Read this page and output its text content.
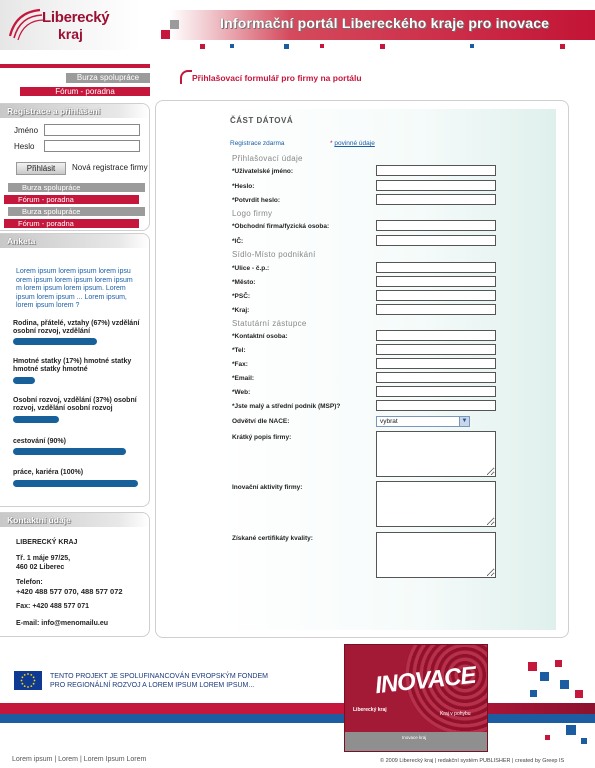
Liberecký
kraj
Informační portál Libereckého kraje pro inovace
Burza spolupráce
Fórum - poradna
Registrace a přihlášení
Jméno
Heslo
Přihlásit	Nová registrace firmy
Burza spolupráce
Fórum - poradna
Burza spolupráce
Fórum - poradna
Anketa
Lorem ipsum lorem ipsum lorem ipsu orem ipsum lorem ipsum lorem ipsum m lorem ipsum lorem ipsum. Lorem ipsum lorem ipsum ... Lorem ipsum, lorem ipsum lorem ?
Rodina, přátelé, vztahy (67%) vzdělání osobní rozvoj, vzdělání
Hmotné statky (17%) hmotné statky hmotné statky hmotné
Osobní rozvoj, vzdělání (37%) osobní rozvoj, vzdělání osobní rozvoj
cestování (90%)
práce, kariéra (100%)
Kontaktní údaje
LIBERECKÝ KRAJ
Tř. 1 máje 97/25,
460 02 Liberec
Telefon:
+420 488 577 070, 488 577 072
Fax: +420 488 577 071
E-mail: info@menomailu.eu
Přihlašovací formulář pro firmy na portálu
ČÁST DÁTOVÁ
Registrace zdarma	* povinné údaje
Přihlašovací údaje
*Uživatelské jméno:
*Heslo:
*Potvrdit heslo:
Logo firmy
*Obchodní firma/fyzická osoba:
*IČ:
Sídlo-Místo podnikání
*Ulice - č.p.:
*Město:
*PSČ:
*Kraj:
Statutární zástupce
*Kontaktní osoba:
*Tel:
*Fax:
*Email:
*Web:
*Jste malý a střední podnik (MSP)?
Odvětví dle NACE:	vybrat	▼
Krátký popis firmy:
Inovační aktivity firmy:
Získané certifikáty kvality:
TENTO PROJEKT JE SPOLUFINANCOVÁN EVROPSKÝM FONDEM
PRO REGIONÁLNÍ ROZVOJ A LOREM IPSUM LOREM IPSUM...	INOVACE
Liberecký kraj
Kraj v pohybu
Inovace kraj
Lorem ipsum | Lorem | Lorem Ipsum Lorem	© 2009 Liberecký kraj | redakční systém PUBLISHER | created by Greep IS
